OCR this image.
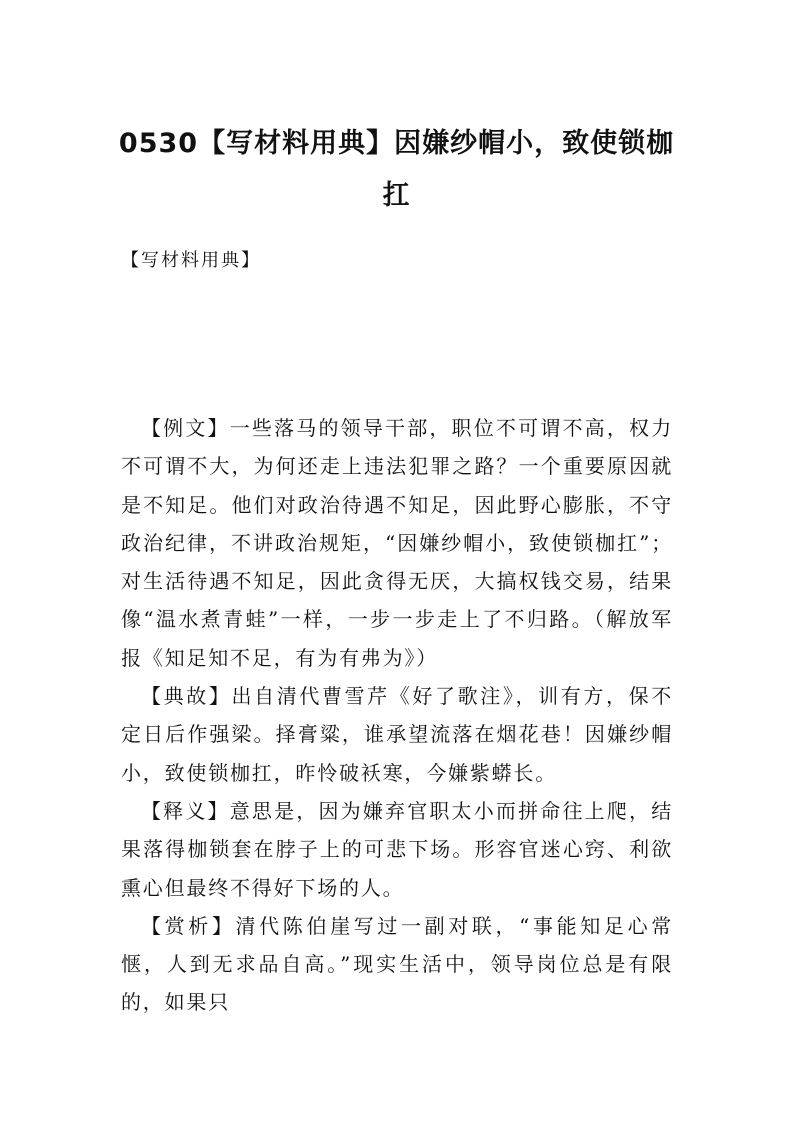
0530【写材料用典】因嫌纱帽小，致使锁枷扛
【写材料用典】

【例文】一些落马的领导干部，职位不可谓不高，权力不可谓不大，为何还走上违法犯罪之路？一个重要原因就是不知足。他们对政治待遇不知足，因此野心膨胀，不守政治纪律，不讲政治规矩，“因嫌纱帽小，致使锁枷扛”；对生活待遇不知足，因此贪得无厌，大搞权钱交易，结果像“温水煮青蛙”一样，一步一步走上了不归路。（解放军报《知足知不足，有为有弗为》）

【典故】出自清代曹雪芹《好了歌注》，训有方，保不定日后作强梁。择膏粱，谁承望流落在烟花巷！因嫌纱帽小，致使锁枷扛，昨怜破袄寒，今嫌紫蟒长。

【释义】意思是，因为嫌弃官职太小而拼命往上爬，结果落得枷锁套在脖子上的可悲下场。形容官迷心窍、利欲熏心但最终不得好下场的人。

【赏析】清代陈伯崖写过一副对联，“事能知足心常惬，人到无求品自高。”现实生活中，领导岗位总是有限的，如果只
